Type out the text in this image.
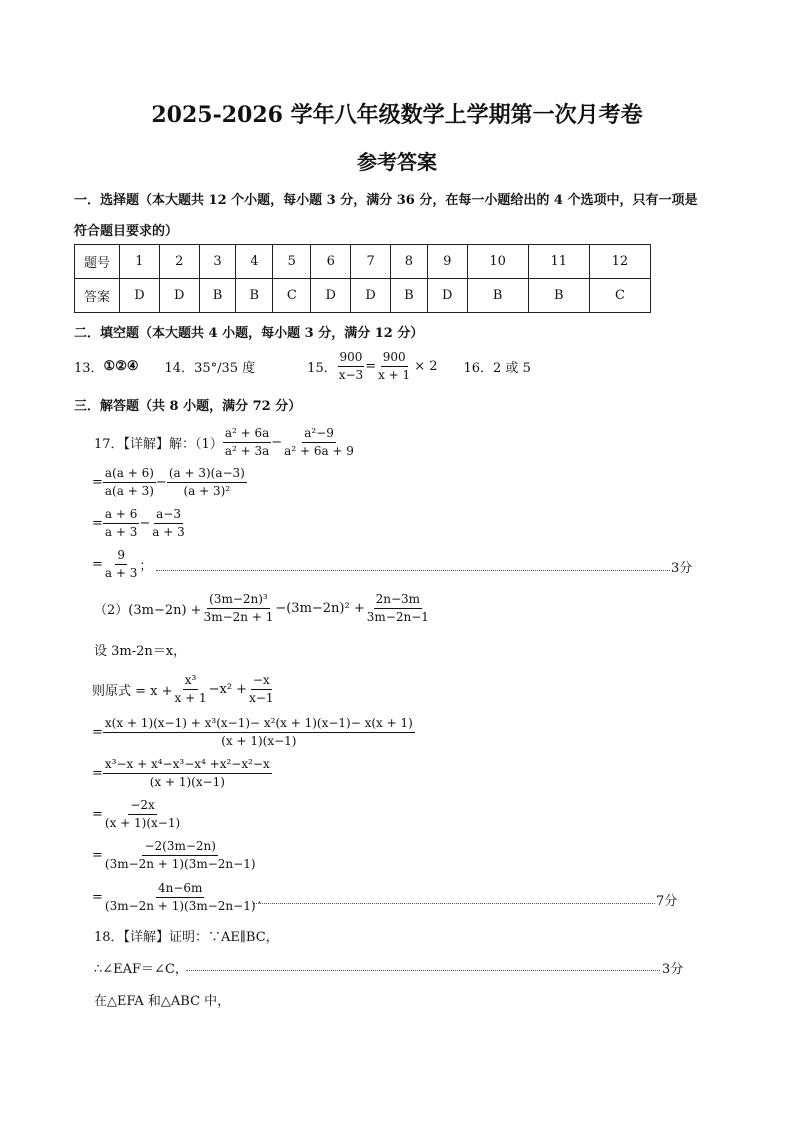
2025-2026 学年八年级数学上学期第一次月考卷
参考答案
一．选择题（本大题共 12 个小题，每小题 3 分，满分 36 分，在每一小题给出的 4 个选项中，只有一项是
符合题目要求的）
题号	1	2	3	4	5	6	7	8	9	10	11	12
答案	D	D	B	B	C	D	D	B	D	B	B	C
二．填空题（本大题共 4 小题，每小题 3 分，满分 12 分）
13． ①②④ 14． 35°/35 度	15． $\frac{900}{x-3} = \frac{900}{x + 1} \times 2$ 16． 2 或 5
三．解答题（共 8 小题，满分 72 分）
17．【详解】解：$(1) \frac{\text{a² + 6a}}{\text{a² + 3a}} - \frac{\text{a²−9}}{\text{a² + 6a + 9}}$
= $\frac{a(a + 6)}{a(a + 3)} - \frac{(a + 3)(a-3)}{\text{(a + 3)²}}$
= $\frac{a + 6}{a + 3} - \frac{a-3}{a + 3}$
= $\frac{9}{a + 3}$ ；	3分
$(2)(3m-2n) + \frac{\text{(3m−2n)³}}{3m-2n + 1} -(3m-2n)^2 + \frac{2n-3m}{3m-2n-1}$
设 3m-2n＝x，
则原式 = $x + \frac{\text{x³}}{x + 1} -x^2 + \frac{-x}{x-1}$
= $\frac{\text{x(x + 1)(x−1) + x³(x−1)− x²(x + 1)(x−1)− x(x + 1)}}{(x + 1)(x-1)}$
= $\frac{\text{x³−x + x⁴−x³−x⁴ +x²−x²−x}}{(x + 1)(x-1)}$
= $\frac{-2x}{(x + 1)(x-1)}$
= $\frac{-2(3m-2n)}{(3m-2n + 1)(3m-2n-1)}$
= $\frac{4n-6m}{(3m-2n + 1)(3m-2n-1)}$ ．	7分
18．【详解】证明：∵AE∥BC，
∴∠EAF＝∠C，	3分
在△EFA 和△ABC 中，
